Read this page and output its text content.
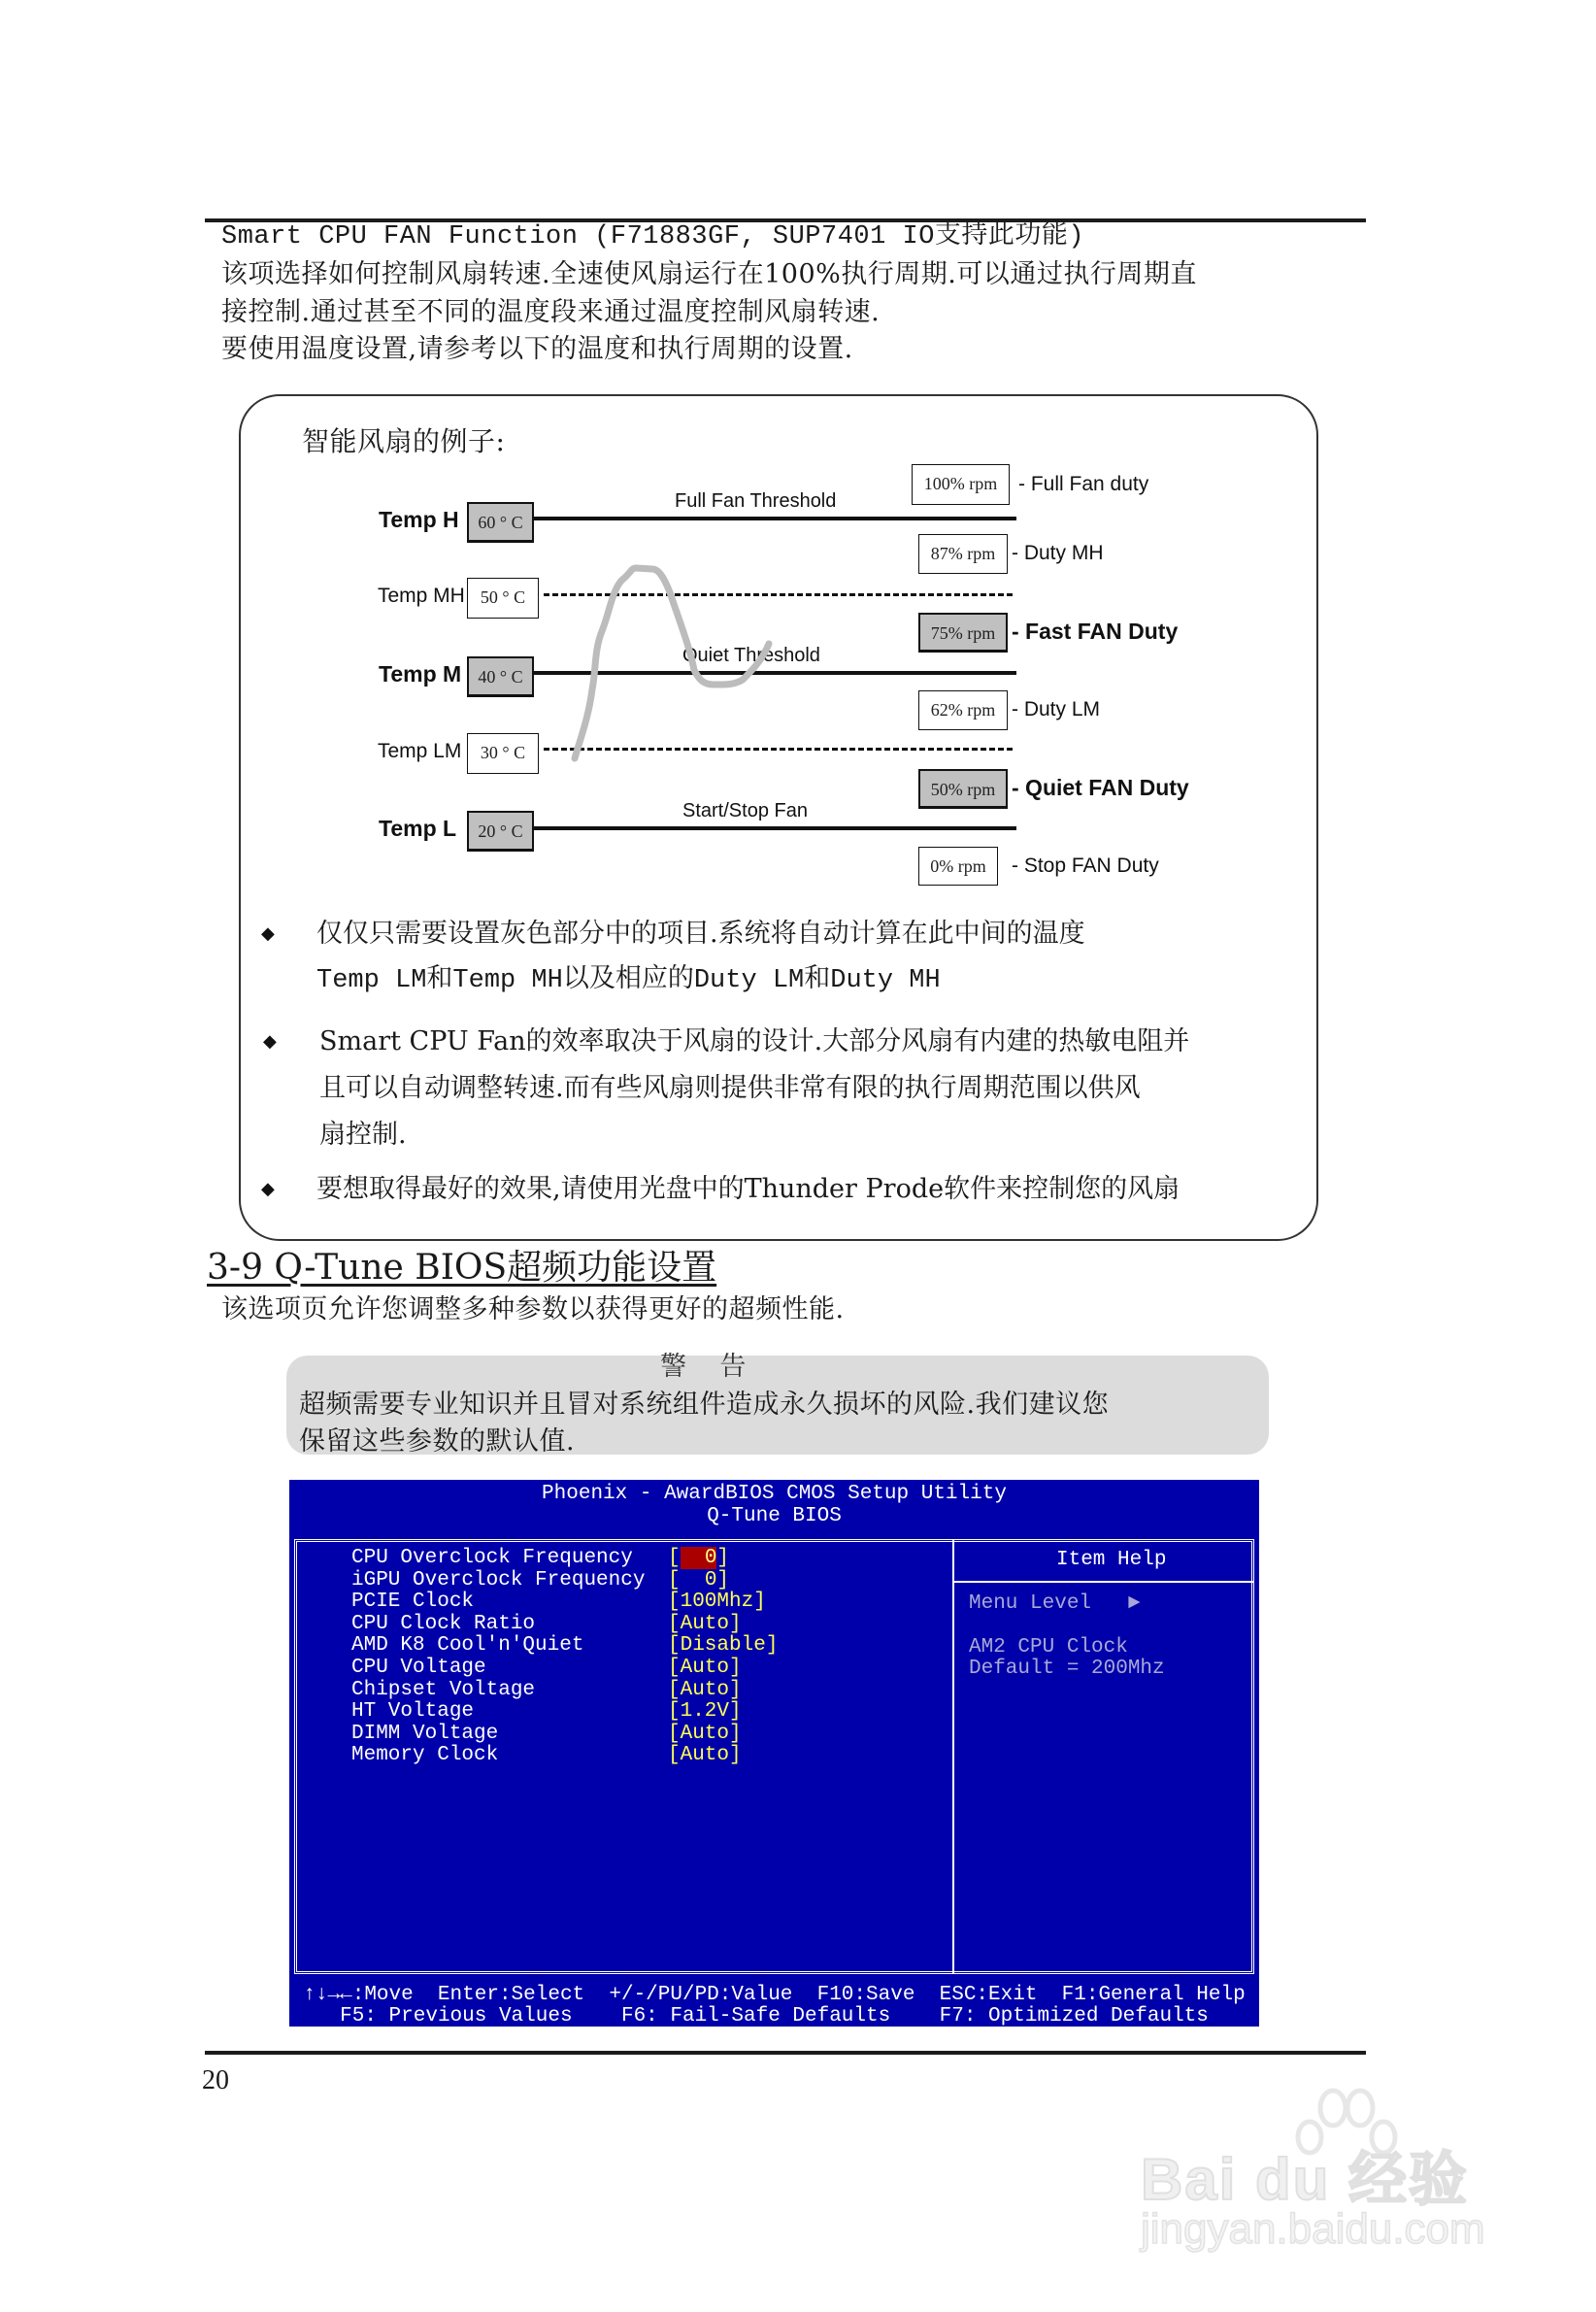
Smart CPU FAN Function (F71883GF, SUP7401 IO支持此功能)
该项选择如何控制风扇转速.全速使风扇运行在100%执行周期.可以通过执行周期直
接控制.通过甚至不同的温度段来通过温度控制风扇转速.
要使用温度设置,请参考以下的温度和执行周期的设置.
智能风扇的例子:
Temp H	60 ° C
Full Fan Threshold
Temp MH 50 ° C
Temp M 40 ° C
Quiet Threshold
Temp LM	30 ° C
Temp L	20 ° C
Start/Stop Fan
100% rpm	- Full Fan duty
87% rpm - Duty MH
75% rpm - Fast FAN Duty
62% rpm - Duty LM
50% rpm - Quiet FAN Duty
0% rpm	- Stop FAN Duty
◆ 仅仅只需要设置灰色部分中的项目.系统将自动计算在此中间的温度
Temp LM和Temp MH以及相应的Duty LM和Duty MH
◆ Smart CPU Fan的效率取决于风扇的设计.大部分风扇有内建的热敏电阻并
且可以自动调整转速.而有些风扇则提供非常有限的执行周期范围以供风
扇控制.
◆ 要想取得最好的效果,请使用光盘中的Thunder Prode软件来控制您的风扇
3-9 Q-Tune BIOS超频功能设置
该选项页允许您调整多种参数以获得更好的超频性能.
警    告
超频需要专业知识并且冒对系统组件造成永久损坏的风险.我们建议您
保留这些参数的默认值.
Phoenix - AwardBIOS CMOS Setup Utility
Q-Tune BIOS
CPU Overclock Frequency [  0]
iGPU Overclock Frequency [  0]
PCIE Clock	[100Mhz]
CPU Clock Ratio	[Auto]
AMD K8 Cool'n'Quiet	[Disable]
CPU Voltage	[Auto]
Chipset Voltage	[Auto]
HT Voltage	[1.2V]
DIMM Voltage	[Auto]
Memory Clock	[Auto]
Item Help
Menu Level   ►
AM2 CPU Clock
Default = 200Mhz
↑↓→←:Move  Enter:Select  +/-/PU/PD:Value  F10:Save  ESC:Exit  F1:General Help
F5: Previous Values    F6: Fail-Safe Defaults    F7: Optimized Defaults
20
Bai du 经验
jingyan.baidu.com
